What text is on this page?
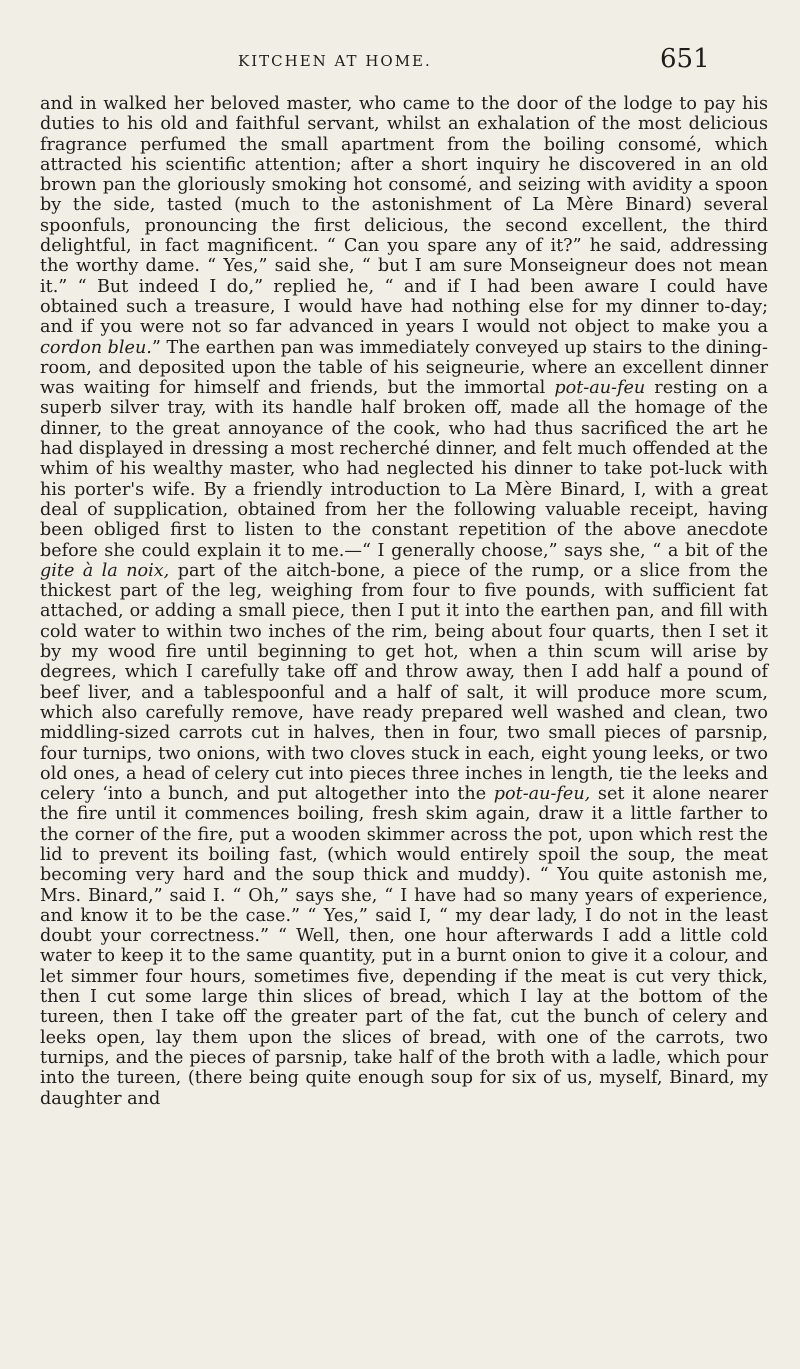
KITCHEN AT HOME.	651

and in walked her beloved master, who came to the door of the lodge to pay his duties to his old and faithful servant, whilst an exhalation of the most delicious fragrance perfumed the small apartment from the boiling consomé, which attracted his scientific attention; after a short inquiry he discovered in an old brown pan the gloriously smoking hot consomé, and seizing with avidity a spoon by the side, tasted (much to the astonishment of La Mère Binard) several spoonfuls, pronouncing the first delicious, the second excellent, the third delightful, in fact magnificent. “ Can you spare any of it?” he said, addressing the worthy dame. “ Yes,” said she, “ but I am sure Monseigneur does not mean it.” “ But indeed I do,” replied he, “ and if I had been aware I could have obtained such a treasure, I would have had nothing else for my dinner to-day; and if you were not so far advanced in years I would not object to make you a cordon bleu.” The earthen pan was immediately conveyed up stairs to the dining-room, and deposited upon the table of his seigneurie, where an excellent dinner was waiting for himself and friends, but the immortal pot-au-feu resting on a superb silver tray, with its handle half broken off, made all the homage of the dinner, to the great annoyance of the cook, who had thus sacrificed the art he had displayed in dressing a most recherché dinner, and felt much offended at the whim of his wealthy master, who had neglected his dinner to take pot-luck with his porter's wife. By a friendly introduction to La Mère Binard, I, with a great deal of supplication, obtained from her the following valuable receipt, having been obliged first to listen to the constant repetition of the above anecdote before she could explain it to me.—“ I generally choose,” says she, “ a bit of the gite à la noix, part of the aitch-bone, a piece of the rump, or a slice from the thickest part of the leg, weighing from four to five pounds, with sufficient fat attached, or adding a small piece, then I put it into the earthen pan, and fill with cold water to within two inches of the rim, being about four quarts, then I set it by my wood fire until beginning to get hot, when a thin scum will arise by degrees, which I carefully take off and throw away, then I add half a pound of beef liver, and a tablespoonful and a half of salt, it will produce more scum, which also carefully remove, have ready prepared well washed and clean, two middling-sized carrots cut in halves, then in four, two small pieces of parsnip, four turnips, two onions, with two cloves stuck in each, eight young leeks, or two old ones, a head of celery cut into pieces three inches in length, tie the leeks and celery ‘into a bunch, and put altogether into the pot-au-feu, set it alone nearer the fire until it commences boiling, fresh skim again, draw it a little farther to the corner of the fire, put a wooden skimmer across the pot, upon which rest the lid to prevent its boiling fast, (which would entirely spoil the soup, the meat becoming very hard and the soup thick and muddy). “ You quite astonish me, Mrs. Binard,” said I. “ Oh,” says she, “ I have had so many years of experience, and know it to be the case.” “ Yes,” said I, “ my dear lady, I do not in the least doubt your correctness.” “ Well, then, one hour afterwards I add a little cold water to keep it to the same quantity, put in a burnt onion to give it a colour, and let simmer four hours, sometimes five, depending if the meat is cut very thick, then I cut some large thin slices of bread, which I lay at the bottom of the tureen, then I take off the greater part of the fat, cut the bunch of celery and leeks open, lay them upon the slices of bread, with one of the carrots, two turnips, and the pieces of parsnip, take half of the broth with a ladle, which pour into the tureen, (there being quite enough soup for six of us, myself, Binard, my daughter and
